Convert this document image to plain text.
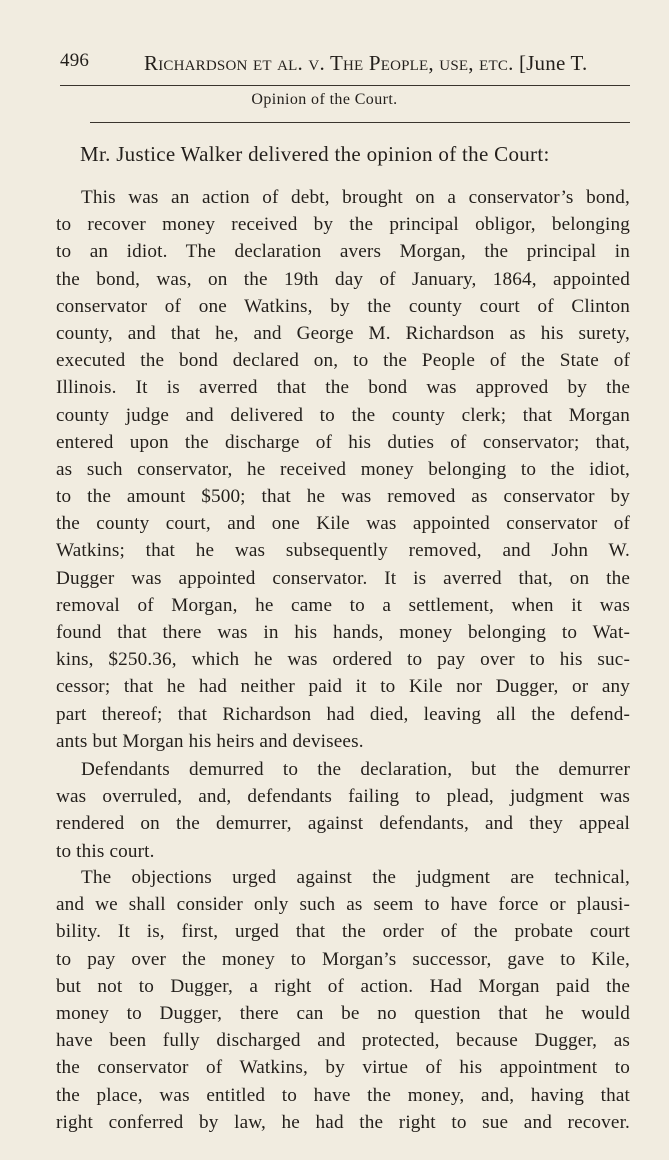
496	Richardson et al. v. The People, use, etc. [June T.
Opinion of the Court.
Mr. Justice Walker delivered the opinion of the Court:
This was an action of debt, brought on a conservator’s bond,
to recover money received by the principal obligor, belonging
to an idiot. The declaration avers Morgan, the principal in
the bond, was, on the 19th day of January, 1864, appointed
conservator of one Watkins, by the county court of Clinton
county, and that he, and George M. Richardson as his surety,
executed the bond declared on, to the People of the State of
Illinois. It is averred that the bond was approved by the
county judge and delivered to the county clerk; that Morgan
entered upon the discharge of his duties of conservator; that,
as such conservator, he received money belonging to the idiot,
to the amount $500; that he was removed as conservator by
the county court, and one Kile was appointed conservator of
Watkins; that he was subsequently removed, and John W.
Dugger was appointed conservator. It is averred that, on the
removal of Morgan, he came to a settlement, when it was
found that there was in his hands, money belonging to Wat-
kins, $250.36, which he was ordered to pay over to his suc-
cessor; that he had neither paid it to Kile nor Dugger, or any
part thereof; that Richardson had died, leaving all the defend-
ants but Morgan his heirs and devisees.
Defendants demurred to the declaration, but the demurrer
was overruled, and, defendants failing to plead, judgment was
rendered on the demurrer, against defendants, and they appeal
to this court.
The objections urged against the judgment are technical,
and we shall consider only such as seem to have force or plausi-
bility. It is, first, urged that the order of the probate court
to pay over the money to Morgan’s successor, gave to Kile,
but not to Dugger, a right of action. Had Morgan paid the
money to Dugger, there can be no question that he would
have been fully discharged and protected, because Dugger, as
the conservator of Watkins, by virtue of his appointment to
the place, was entitled to have the money, and, having that
right conferred by law, he had the right to sue and recover.
